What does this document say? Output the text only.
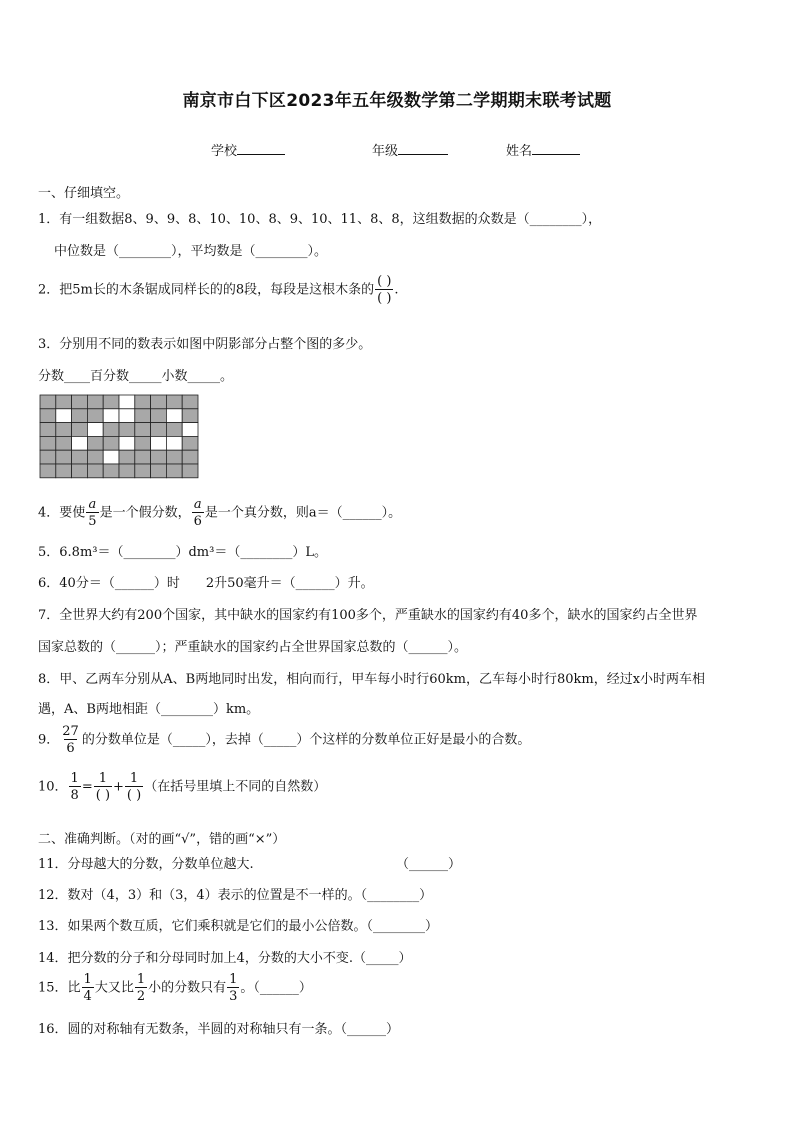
南京市白下区2023年五年级数学第二学期期末联考试题
学校	年级	姓名
一、仔细填空。
1．有一组数据8、9、9、8、10、10、8、9、10、11、8、8，这组数据的众数是（________），
中位数是（________），平均数是（________）。
2．把5m长的木条锯成同样长的的8段，每段是这根木条的 $\frac{( )}{( )}$ .
3．分别用不同的数表示如图中阴影部分占整个图的多少。
分数____百分数_____小数_____。
4．要使 $\frac{a}{5}$ 是一个假分数， $\frac{a}{6}$ 是一个真分数，则a＝（______）。
5．6.8m³＝（________）dm³＝（________）L。
6．40分＝（______）时　　2升50毫升＝（______）升。
7．全世界大约有200个国家，其中缺水的国家约有100多个，严重缺水的国家约有40多个，缺水的国家约占全世界
国家总数的（______）；严重缺水的国家约占全世界国家总数的（______）。
8．甲、乙两车分别从A、B两地同时出发，相向而行，甲车每小时行60km，乙车每小时行80km，经过x小时两车相
遇，A、B两地相距（________）km。
9． $\frac{27}{6}$ 的分数单位是（_____），去掉（_____）个这样的分数单位正好是最小的合数。
10． $\frac{1}{8} = \frac{1}{( )} + \frac{1}{( )}$ （在括号里填上不同的自然数）
二、准确判断。（对的画“√”，错的画“×”）
11．分母越大的分数，分数单位越大.	（______）
12．数对（4，3）和（3，4）表示的位置是不一样的。（________）
13．如果两个数互质，它们乘积就是它们的最小公倍数。（________）
14．把分数的分子和分母同时加上4，分数的大小不变.（_____）
15．比 $\frac{1}{4}$ 大又比 $\frac{1}{2}$ 小的分数只有 $\frac{1}{3}$ 。（______）
16．圆的对称轴有无数条，半圆的对称轴只有一条。（______）
